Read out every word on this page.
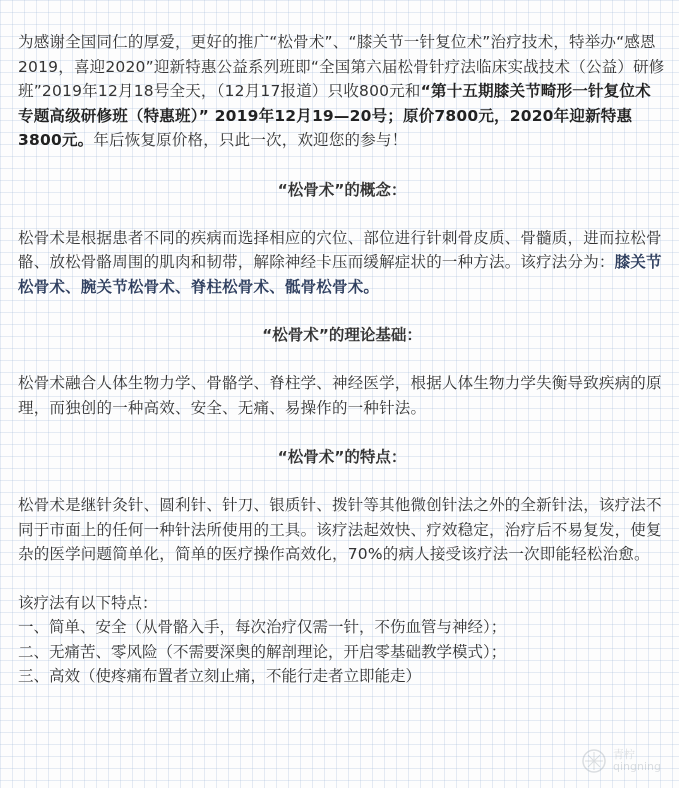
为感谢全国同仁的厚爱，更好的推广“松骨术”、“膝关节一针复位术”治疗技术，特举办“感恩2019，喜迎2020”迎新特惠公益系列班即“全国第六届松骨针疗法临床实战技术（公益）研修班”2019年12月18号全天，（12月17报道）只收800元和“第十五期膝关节畸形一针复位术专题高级研修班（特惠班）” 2019年12月19—20号；原价7800元，2020年迎新特惠3800元。年后恢复原价格，只此一次，欢迎您的参与！

“松骨术”的概念：

松骨术是根据患者不同的疾病而选择相应的穴位、部位进行针刺骨皮质、骨髓质，进而拉松骨骼、放松骨骼周围的肌肉和韧带，解除神经卡压而缓解症状的一种方法。该疗法分为：膝关节松骨术、腕关节松骨术、脊柱松骨术、骶骨松骨术。

“松骨术”的理论基础：

松骨术融合人体生物力学、骨骼学、脊柱学、神经医学，根据人体生物力学失衡导致疾病的原理，而独创的一种高效、安全、无痛、易操作的一种针法。

“松骨术”的特点：

松骨术是继针灸针、圆利针、针刀、银质针、拨针等其他微创针法之外的全新针法，该疗法不同于市面上的任何一种针法所使用的工具。该疗法起效快、疗效稳定，治疗后不易复发，使复杂的医学问题简单化，简单的医疗操作高效化，70%的病人接受该疗法一次即能轻松治愈。

该疗法有以下特点：

一、简单、安全（从骨骼入手，每次治疗仅需一针，不伤血管与神经）；

二、无痛苦、零风险（不需要深奥的解剖理论，开启零基础教学模式）；

三、高效（使疼痛布置者立刻止痛，不能行走者立即能走）

青柠
qingning
